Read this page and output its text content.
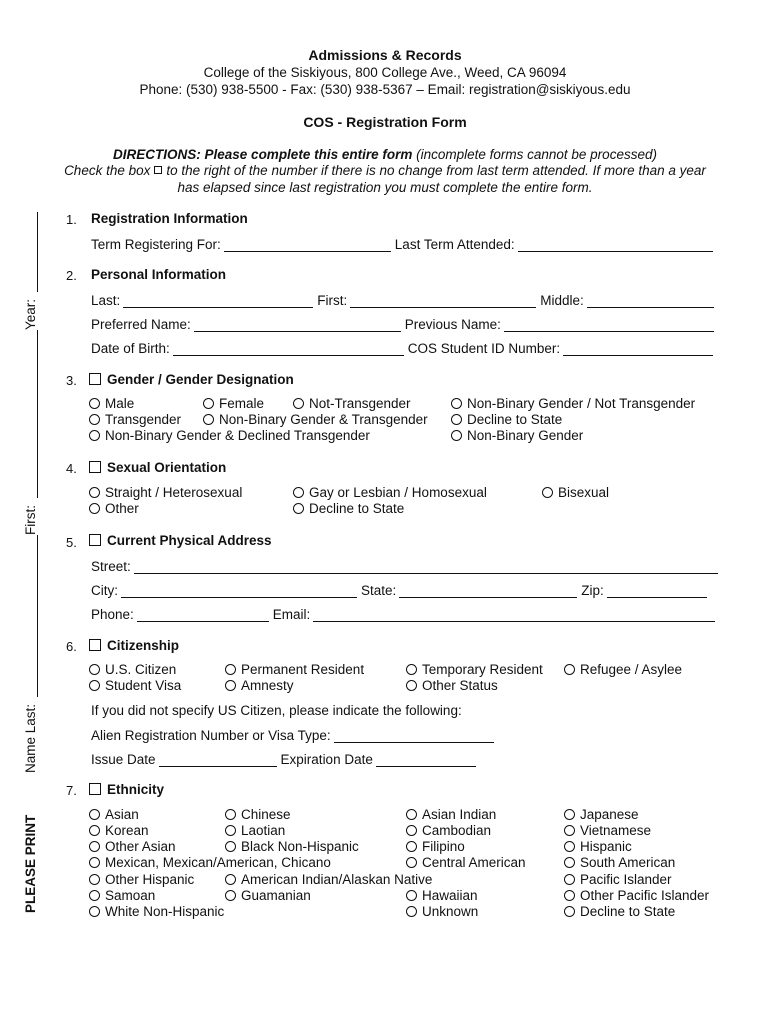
Admissions & Records
College of the Siskiyous, 800 College Ave., Weed, CA 96094
Phone: (530) 938-5500 - Fax: (530) 938-5367 – Email: registration@siskiyous.edu
COS - Registration Form
DIRECTIONS: Please complete this entire form (incomplete forms cannot be processed)
Check the box to the right of the number if there is no change from last term attended. If more than a year
has elapsed since last registration you must complete the entire form.
PLEASE PRINT
Name Last:
First:
Year:
1. Registration Information
Term Registering For:	Last Term Attended:
2. Personal Information
Last:	First:	Middle:
Preferred Name:	Previous Name:
Date of Birth:	COS Student ID Number:
3.	Gender / Gender Designation
Male	Female	Not-Transgender	Non-Binary Gender / Not Transgender
Transgender	Non-Binary Gender & Transgender	Decline to State
Non-Binary Gender & Declined Transgender	Non-Binary Gender
4.	Sexual Orientation
Straight / Heterosexual	Gay or Lesbian / Homosexual	Bisexual
Other	Decline to State
5.	Current Physical Address
Street:
City:	State:	Zip:
Phone:	Email:
6.	Citizenship
U.S. Citizen	Permanent Resident	Temporary Resident	Refugee / Asylee
Student Visa	Amnesty	Other Status
If you did not specify US Citizen, please indicate the following:
Alien Registration Number or Visa Type:
Issue Date	Expiration Date
7.	Ethnicity
Asian	Chinese	Asian Indian	Japanese
Korean	Laotian	Cambodian	Vietnamese
Other Asian	Black Non-Hispanic	Filipino	Hispanic
Mexican, Mexican/American, Chicano	Central American	South American
Other Hispanic	American Indian/Alaskan Native	Pacific Islander
Samoan	Guamanian	Hawaiian	Other Pacific Islander
White Non-Hispanic	Unknown	Decline to State
